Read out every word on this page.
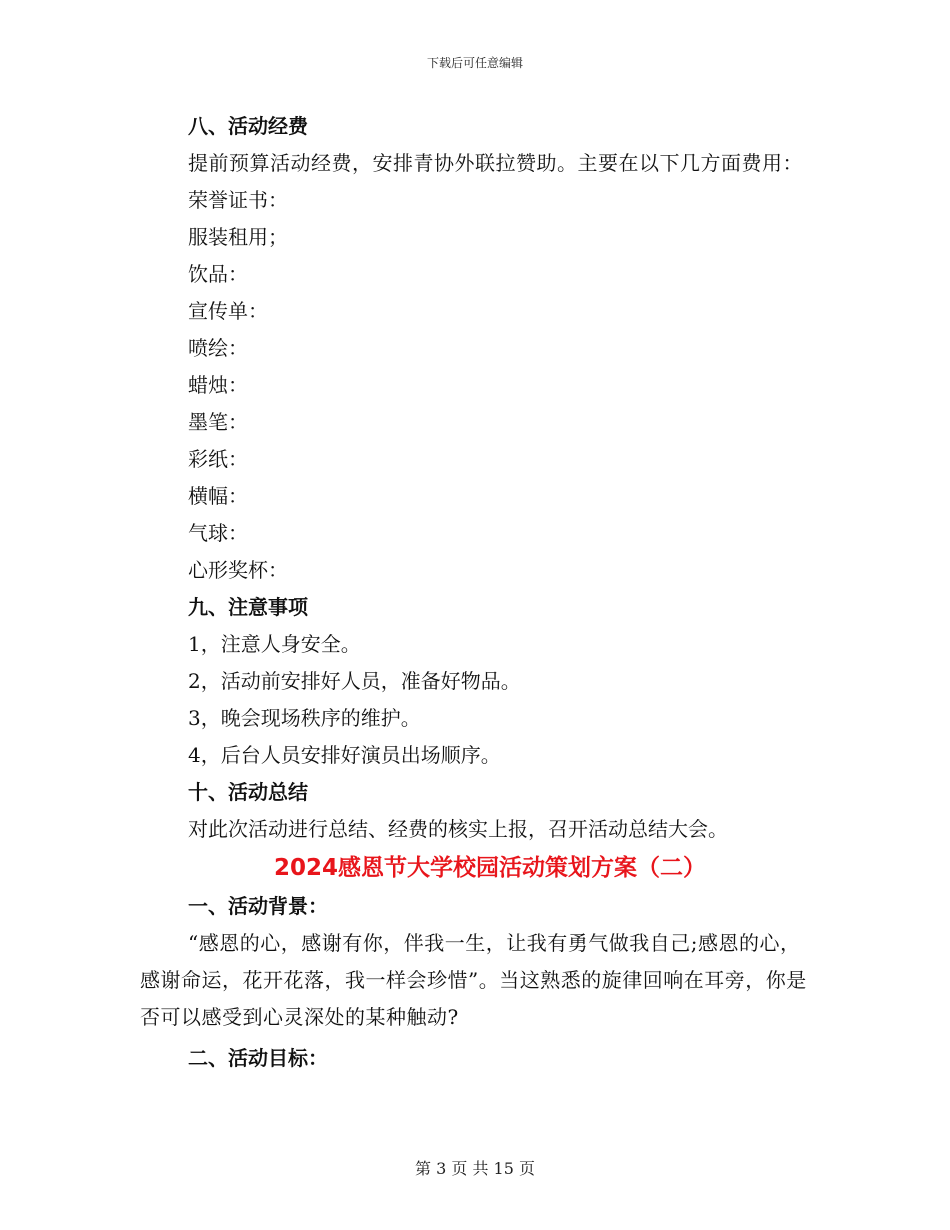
下载后可任意编辑
八、活动经费
提前预算活动经费，安排青协外联拉赞助。主要在以下几方面费用：
荣誉证书：
服装租用；
饮品：
宣传单：
喷绘：
蜡烛：
墨笔：
彩纸：
横幅：
气球：
心形奖杯：
九、注意事项
1，注意人身安全。
2，活动前安排好人员，准备好物品。
3，晚会现场秩序的维护。
4，后台人员安排好演员出场顺序。
十、活动总结
对此次活动进行总结、经费的核实上报，召开活动总结大会。
2024感恩节大学校园活动策划方案（二）
一、活动背景：
“感恩的心，感谢有你，伴我一生，让我有勇气做我自己;感恩的心，感谢命运，花开花落，我一样会珍惜”。当这熟悉的旋律回响在耳旁，你是否可以感受到心灵深处的某种触动?
二、活动目标：
第 3 页 共 15 页
